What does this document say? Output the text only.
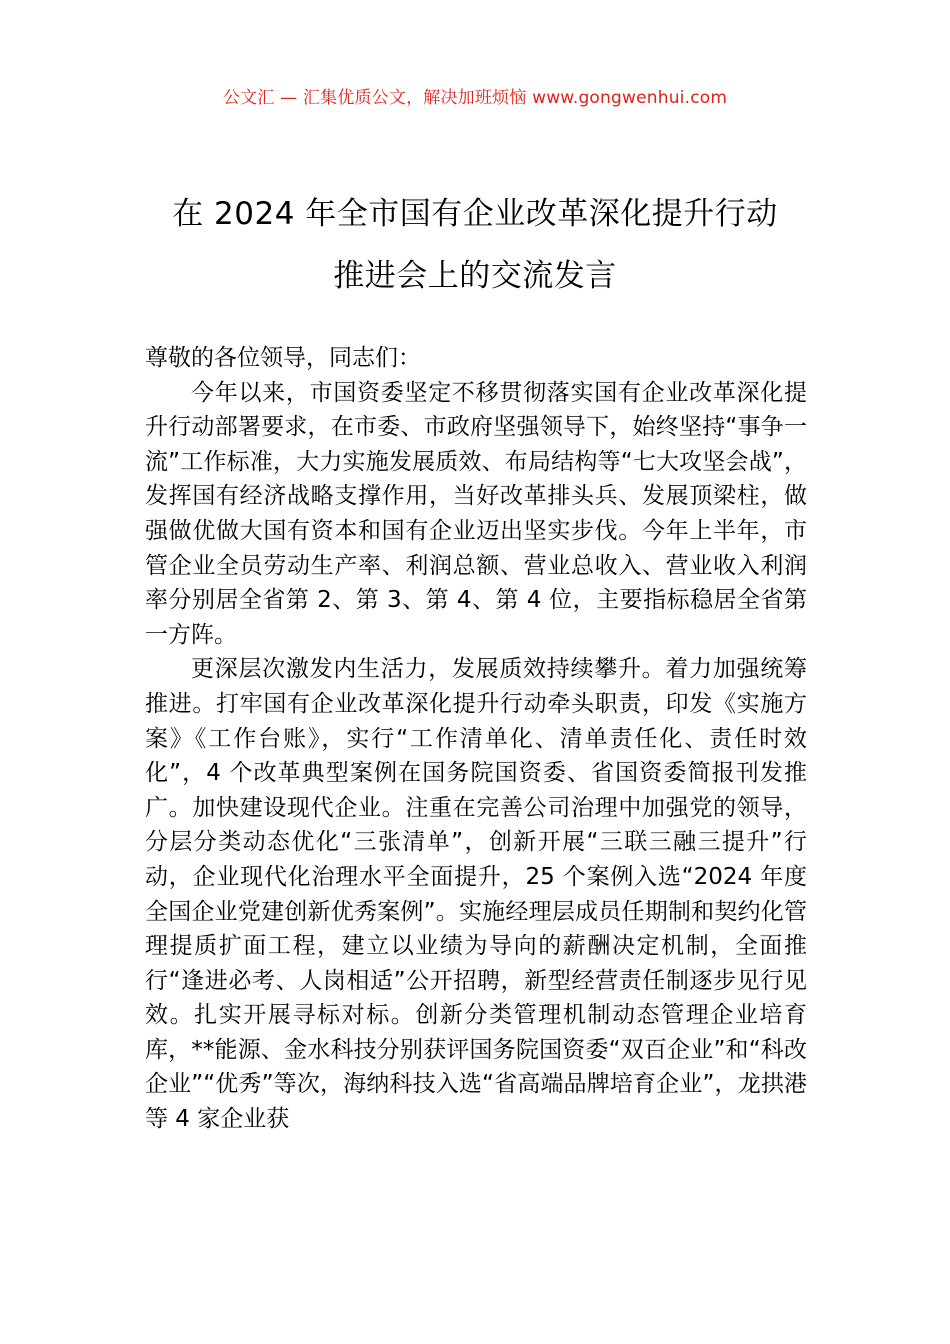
公文汇 — 汇集优质公文，解决加班烦恼 www.gongwenhui.com
在 2024 年全市国有企业改革深化提升行动
推进会上的交流发言

尊敬的各位领导，同志们：

今年以来，市国资委坚定不移贯彻落实国有企业改革深化提升行动部署要求，在市委、市政府坚强领导下，始终坚持“事争一流”工作标准，大力实施发展质效、布局结构等“七大攻坚会战”，发挥国有经济战略支撑作用，当好改革排头兵、发展顶梁柱，做强做优做大国有资本和国有企业迈出坚实步伐。今年上半年，市管企业全员劳动生产率、利润总额、营业总收入、营业收入利润率分别居全省第 2、第 3、第 4、第 4 位，主要指标稳居全省第一方阵。

更深层次激发内生活力，发展质效持续攀升。着力加强统筹推进。打牢国有企业改革深化提升行动牵头职责，印发《实施方案》《工作台账》，实行“工作清单化、清单责任化、责任时效化”，4 个改革典型案例在国务院国资委、省国资委简报刊发推广。加快建设现代企业。注重在完善公司治理中加强党的领导，分层分类动态优化“三张清单”，创新开展“三联三融三提升”行动，企业现代化治理水平全面提升，25 个案例入选“2024 年度全国企业党建创新优秀案例”。实施经理层成员任期制和契约化管理提质扩面工程，建立以业绩为导向的薪酬决定机制，全面推行“逢进必考、人岗相适”公开招聘，新型经营责任制逐步见行见效。扎实开展寻标对标。创新分类管理机制动态管理企业培育库，**能源、金水科技分别获评国务院国资委“双百企业”和“科改企业”“优秀”等次，海纳科技入选“省高端品牌培育企业”，龙拱港等 4 家企业获
